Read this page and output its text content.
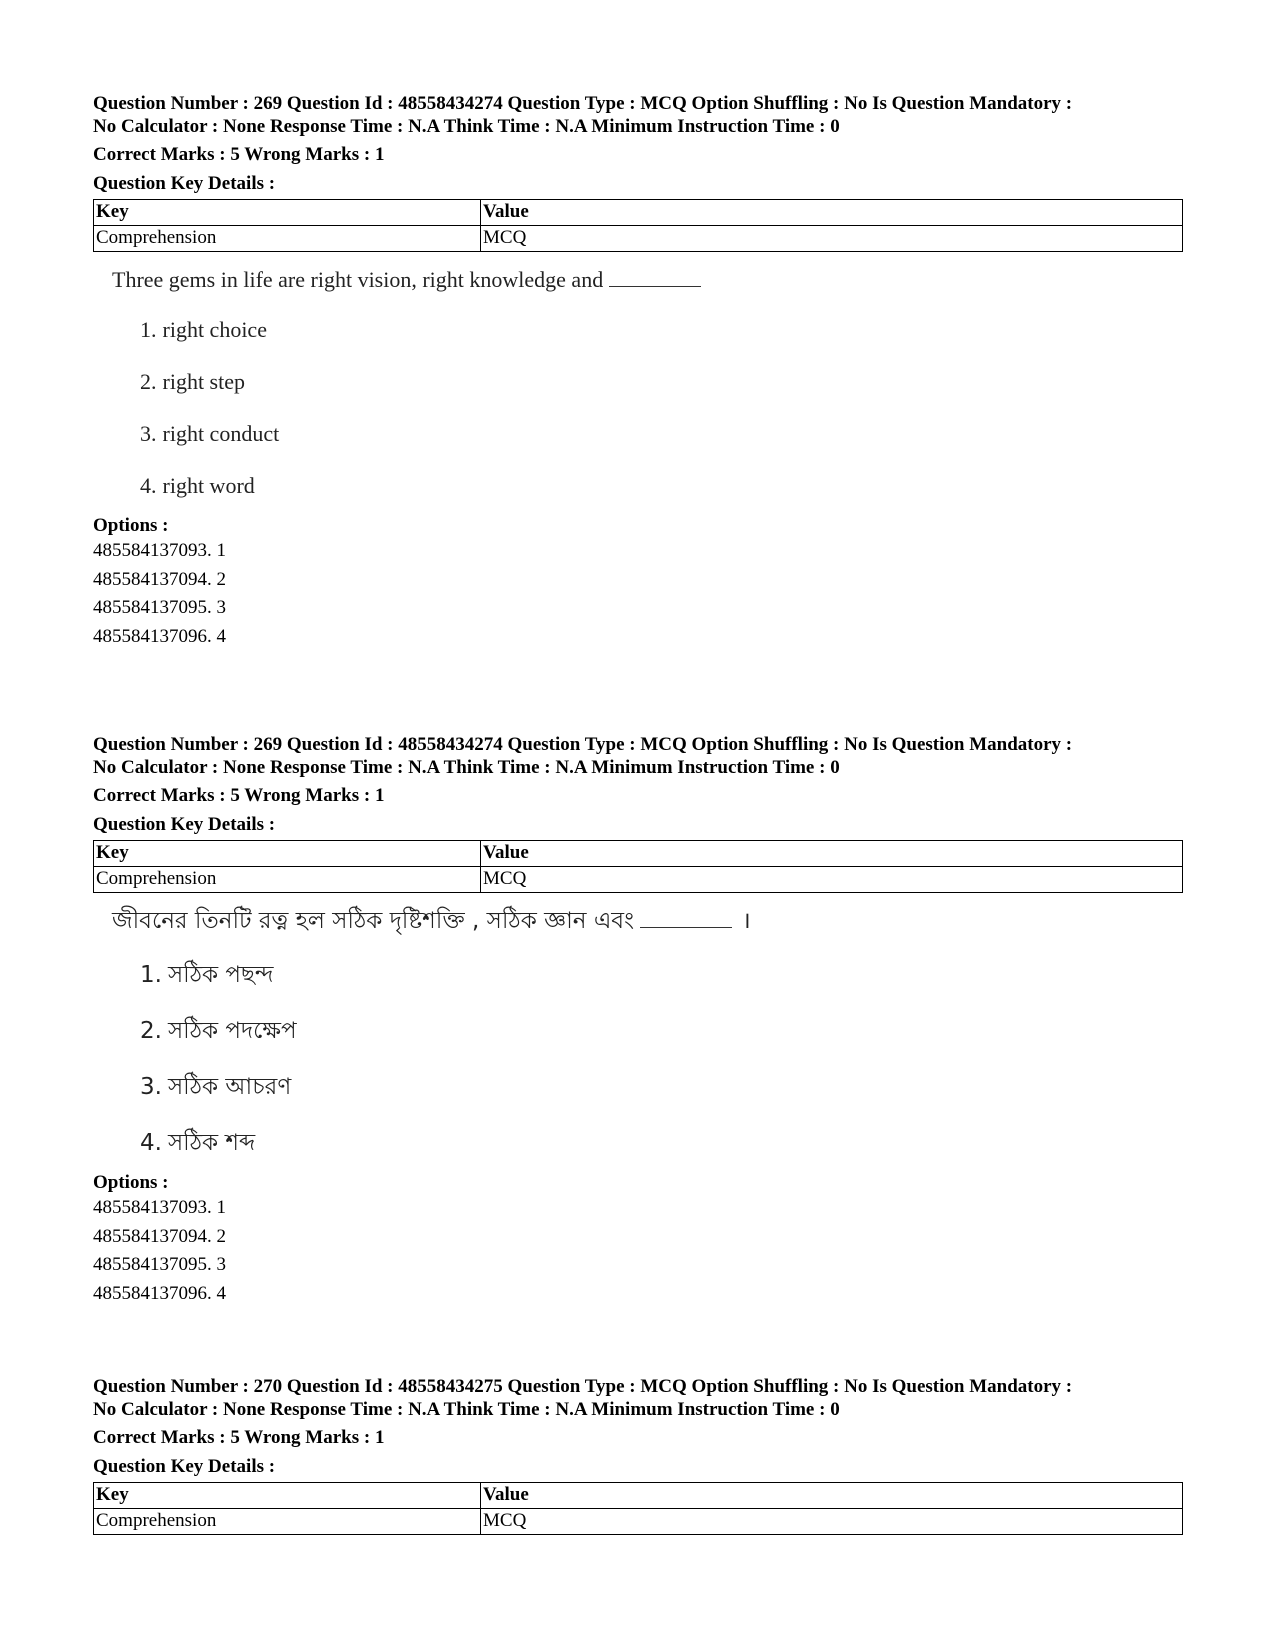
Question Number : 269 Question Id : 48558434274 Question Type : MCQ Option Shuffling : No Is Question Mandatory :
No Calculator : None Response Time : N.A Think Time : N.A Minimum Instruction Time : 0
Correct Marks : 5 Wrong Marks : 1
Question Key Details :
Key	Value
Comprehension	MCQ
Three gems in life are right vision, right knowledge and
1. right choice
2. right step
3. right conduct
4. right word
Options :
485584137093. 1
485584137094. 2
485584137095. 3
485584137096. 4
Question Number : 269 Question Id : 48558434274 Question Type : MCQ Option Shuffling : No Is Question Mandatory :
No Calculator : None Response Time : N.A Think Time : N.A Minimum Instruction Time : 0
Correct Marks : 5 Wrong Marks : 1
Question Key Details :
Key	Value
Comprehension	MCQ
জীবনের তিনটি রত্ন হল সঠিক দৃষ্টিশক্তি , সঠিক জ্ঞান এবং	।
1. সঠিক পছন্দ
2. সঠিক পদক্ষেপ
3. সঠিক আচরণ
4. সঠিক শব্দ
Options :
485584137093. 1
485584137094. 2
485584137095. 3
485584137096. 4
Question Number : 270 Question Id : 48558434275 Question Type : MCQ Option Shuffling : No Is Question Mandatory :
No Calculator : None Response Time : N.A Think Time : N.A Minimum Instruction Time : 0
Correct Marks : 5 Wrong Marks : 1
Question Key Details :
Key	Value
Comprehension	MCQ
